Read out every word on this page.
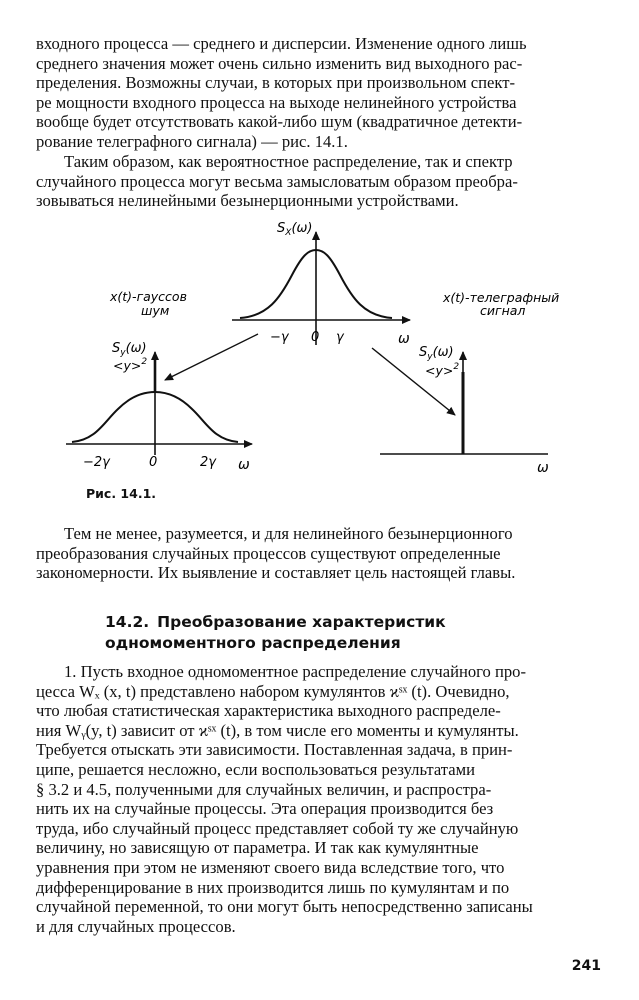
входного процесса — среднего и дисперсии. Изменение одного лишь
среднего значения может очень сильно изменить вид выходного рас-
пределения. Возможны случаи, в которых при произвольном спект-
ре мощности входного процесса на выходе нелинейного устройства
вообще будет отсутствовать какой-либо шум (квадратичное детекти-
рование телеграфного сигнала) — рис. 14.1.
Таким образом, как вероятностное распределение, так и спектр
случайного процесса могут весьма замысловатым образом преобра-
зовываться нелинейными безынерционными устройствами.
$S_X(\omega)$
−γ 0 γ	ω
x(t)-гауссов
шум
x(t)-телеграфный
сигнал
$S_y(\omega)$
<y>$^2$
−2γ	0	2γ ω
$S_y(\omega)$
<y>$^2$
ω
Рис. 14.1.
Тем не менее, разумеется, и для нелинейного безынерционного
преобразования случайных процессов существуют определенные
закономерности. Их выявление и составляет цель настоящей главы.
14.2. Преобразование характеристик
одномоментного распределения
1. Пусть входное одномоментное распределение случайного про-
цесса Wₓ (x, t) представлено набором кумулянтов ϰˢˣ (t). Очевидно,
что любая статистическая характеристика выходного распределе-
ния Wᵧ(y, t) зависит от ϰˢˣ (t), в том числе его моменты и кумулянты.
Требуется отыскать эти зависимости. Поставленная задача, в прин-
ципе, решается несложно, если воспользоваться результатами
§ 3.2 и 4.5, полученными для случайных величин, и распростра-
нить их на случайные процессы. Эта операция производится без
труда, ибо случайный процесс представляет собой ту же случайную
величину, но зависящую от параметра. И так как кумулянтные
уравнения при этом не изменяют своего вида вследствие того, что
дифференцирование в них производится лишь по кумулянтам и по
случайной переменной, то они могут быть непосредственно записаны
и для случайных процессов.
241
